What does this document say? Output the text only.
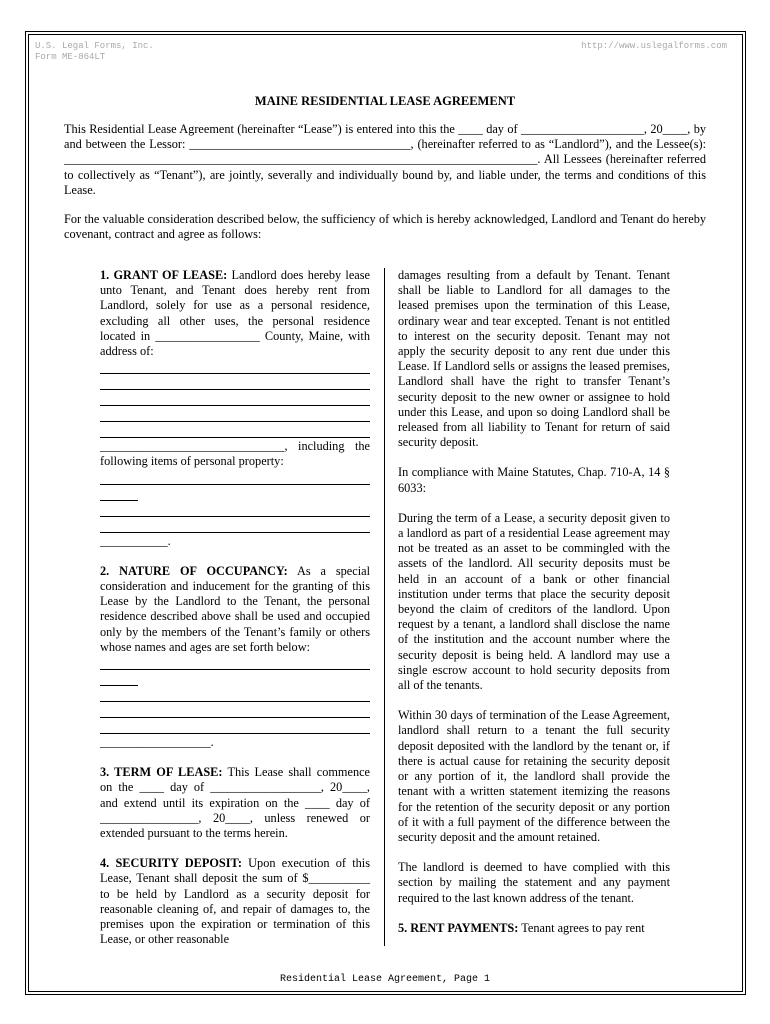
U.S. Legal Forms, Inc.
Form ME-864LT
http://www.uslegalforms.com
MAINE RESIDENTIAL LEASE AGREEMENT

This Residential Lease Agreement (hereinafter “Lease”) is entered into this the ____ day of ____________________, 20____, by and between the Lessor: ____________________________________, (hereinafter referred to as “Landlord”), and the Lessee(s): _____________________________________________________________________________. All Lessees (hereinafter referred to collectively as “Tenant”), are jointly, severally and individually bound by, and liable under, the terms and conditions of this Lease.

For the valuable consideration described below, the sufficiency of which is hereby acknowledged, Landlord and Tenant do hereby covenant, contract and agree as follows:

1. GRANT OF LEASE: Landlord does hereby lease unto Tenant, and Tenant does hereby rent from Landlord, solely for use as a personal residence, excluding all other uses, the personal residence located in _________________ County, Maine, with address of:

______________________________, including the following items of personal property:

___________.

2. NATURE OF OCCUPANCY: As a special consideration and inducement for the granting of this Lease by the Landlord to the Tenant, the personal residence described above shall be used and occupied only by the members of the Tenant’s family or others whose names and ages are set forth below:

__________________.

3. TERM OF LEASE: This Lease shall commence on the ____ day of __________________, 20____, and extend until its expiration on the ____ day of ________________, 20____, unless renewed or extended pursuant to the terms herein.

4. SECURITY DEPOSIT: Upon execution of this Lease, Tenant shall deposit the sum of $__________ to be held by Landlord as a security deposit for reasonable cleaning of, and repair of damages to, the premises upon the expiration or termination of this Lease, or other reasonable

damages resulting from a default by Tenant. Tenant shall be liable to Landlord for all damages to the leased premises upon the termination of this Lease, ordinary wear and tear excepted. Tenant is not entitled to interest on the security deposit. Tenant may not apply the security deposit to any rent due under this Lease. If Landlord sells or assigns the leased premises, Landlord shall have the right to transfer Tenant’s security deposit to the new owner or assignee to hold under this Lease, and upon so doing Landlord shall be released from all liability to Tenant for return of said security deposit.

In compliance with Maine Statutes, Chap. 710-A, 14 § 6033:

During the term of a Lease, a security deposit given to a landlord as part of a residential Lease agreement may not be treated as an asset to be commingled with the assets of the landlord. All security deposits must be held in an account of a bank or other financial institution under terms that place the security deposit beyond the claim of creditors of the landlord. Upon request by a tenant, a landlord shall disclose the name of the institution and the account number where the security deposit is being held. A landlord may use a single escrow account to hold security deposits from all of the tenants.

Within 30 days of termination of the Lease Agreement, landlord shall return to a tenant the full security deposit deposited with the landlord by the tenant or, if there is actual cause for retaining the security deposit or any portion of it, the landlord shall provide the tenant with a written statement itemizing the reasons for the retention of the security deposit or any portion of it with a full payment of the difference between the security deposit and the amount retained.

The landlord is deemed to have complied with this section by mailing the statement and any payment required to the last known address of the tenant.

5. RENT PAYMENTS: Tenant agrees to pay rent

Residential Lease Agreement, Page 1
